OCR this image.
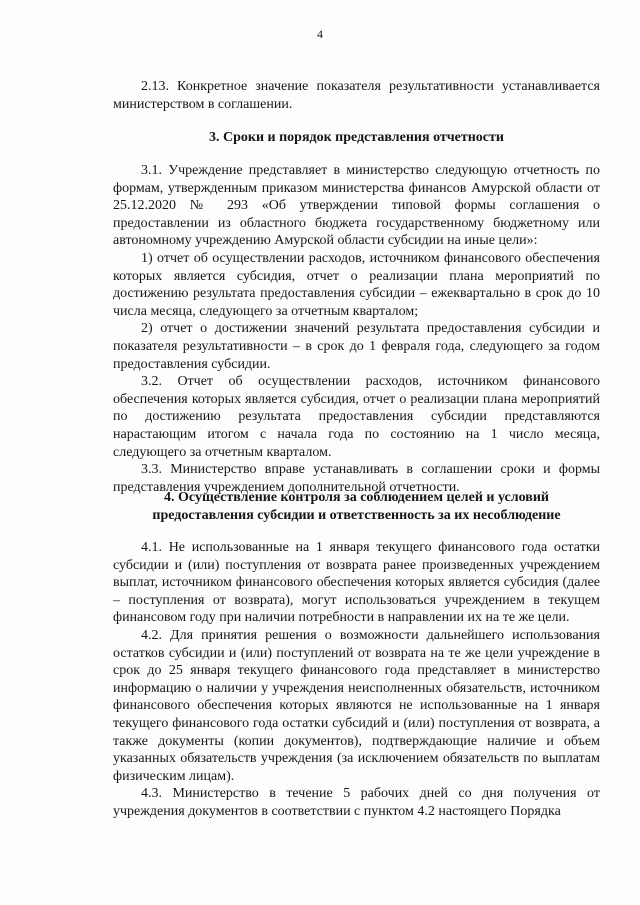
4

2.13. Конкретное значение показателя результативности устанавливается министерством в соглашении.

3. Сроки и порядок представления отчетности

3.1. Учреждение представляет в министерство следующую отчетность по формам, утвержденным приказом министерства финансов Амурской области от 25.12.2020 № 293 «Об утверждении типовой формы соглашения о предоставлении из областного бюджета государственному бюджетному или автономному учреждению Амурской области субсидии на иные цели»:

1) отчет об осуществлении расходов, источником финансового обеспечения которых является субсидия, отчет о реализации плана мероприятий по достижению результата предоставления субсидии – ежеквартально в срок до 10 числа месяца, следующего за отчетным кварталом;

2) отчет о достижении значений результата предоставления субсидии и показателя результативности – в срок до 1 февраля года, следующего за годом предоставления субсидии.

3.2. Отчет об осуществлении расходов, источником финансового обеспечения которых является субсидия, отчет о реализации плана мероприятий по достижению результата предоставления субсидии представляются нарастающим итогом с начала года по состоянию на 1 число месяца, следующего за отчетным кварталом.

3.3. Министерство вправе устанавливать в соглашении сроки и формы представления учреждением дополнительной отчетности.

4. Осуществление контроля за соблюдением целей и условий
предоставления субсидии и ответственность за их несоблюдение

4.1. Не использованные на 1 января текущего финансового года остатки субсидии и (или) поступления от возврата ранее произведенных учреждением выплат, источником финансового обеспечения которых является субсидия (далее – поступления от возврата), могут использоваться учреждением в текущем финансовом году при наличии потребности в направлении их на те же цели.

4.2. Для принятия решения о возможности дальнейшего использования остатков субсидии и (или) поступлений от возврата на те же цели учреждение в срок до 25 января текущего финансового года представляет в министерство информацию о наличии у учреждения неисполненных обязательств, источником финансового обеспечения которых являются не использованные на 1 января текущего финансового года остатки субсидий и (или) поступления от возврата, а также документы (копии документов), подтверждающие наличие и объем указанных обязательств учреждения (за исключением обязательств по выплатам физическим лицам).

4.3. Министерство в течение 5 рабочих дней со дня получения от учреждения документов в соответствии с пунктом 4.2 настоящего Порядка
